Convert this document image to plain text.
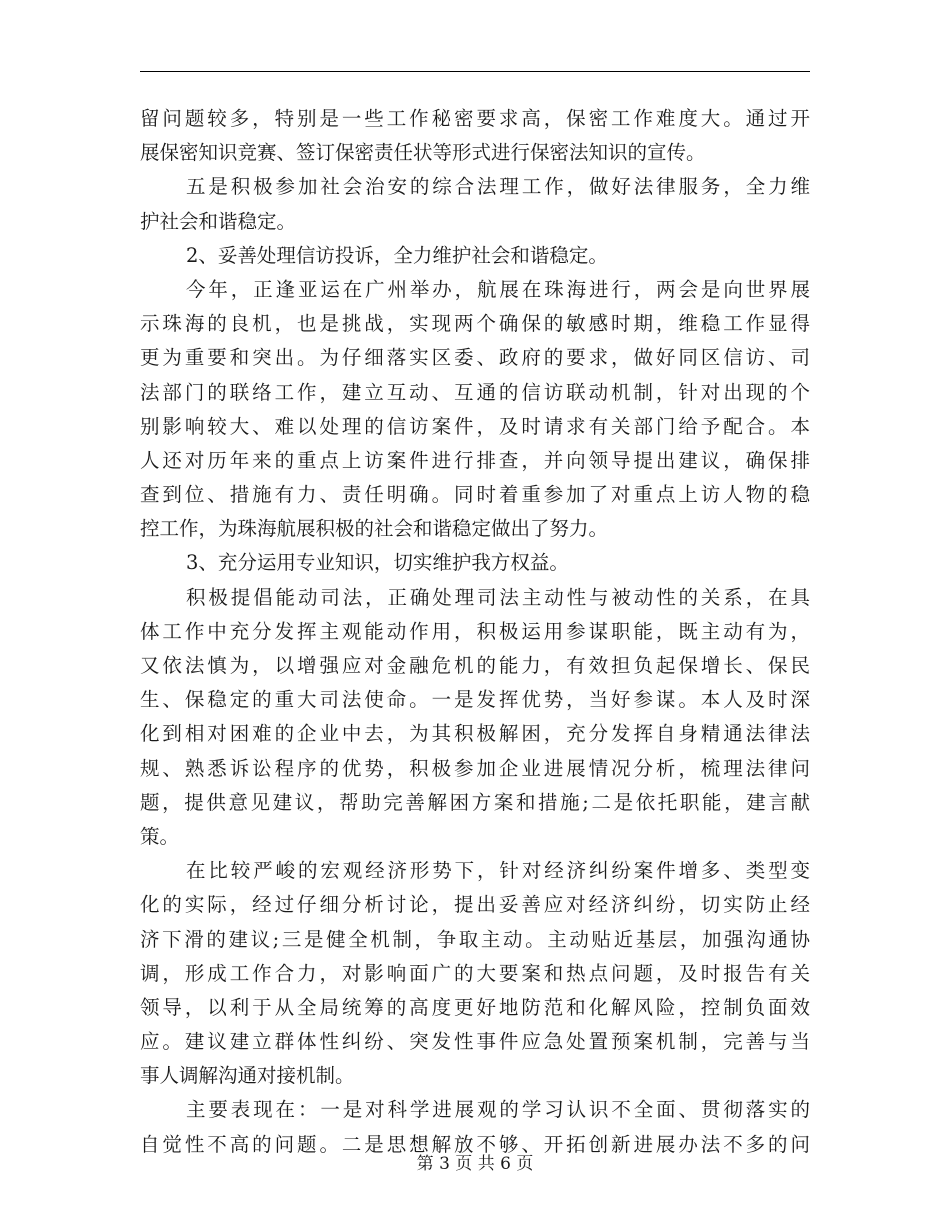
留问题较多，特别是一些工作秘密要求高，保密工作难度大。通过开
展保密知识竞赛、签订保密责任状等形式进行保密法知识的宣传。
五是积极参加社会治安的综合法理工作，做好法律服务，全力维
护社会和谐稳定。
2、妥善处理信访投诉，全力维护社会和谐稳定。
今年，正逢亚运在广州举办，航展在珠海进行，两会是向世界展
示珠海的良机，也是挑战，实现两个确保的敏感时期，维稳工作显得
更为重要和突出。为仔细落实区委、政府的要求，做好同区信访、司
法部门的联络工作，建立互动、互通的信访联动机制，针对出现的个
别影响较大、难以处理的信访案件，及时请求有关部门给予配合。本
人还对历年来的重点上访案件进行排查，并向领导提出建议，确保排
查到位、措施有力、责任明确。同时着重参加了对重点上访人物的稳
控工作，为珠海航展积极的社会和谐稳定做出了努力。
3、充分运用专业知识，切实维护我方权益。
积极提倡能动司法，正确处理司法主动性与被动性的关系，在具
体工作中充分发挥主观能动作用，积极运用参谋职能，既主动有为，
又依法慎为，以增强应对金融危机的能力，有效担负起保增长、保民
生、保稳定的重大司法使命。一是发挥优势，当好参谋。本人及时深
化到相对困难的企业中去，为其积极解困，充分发挥自身精通法律法
规、熟悉诉讼程序的优势，积极参加企业进展情况分析，梳理法律问
题，提供意见建议，帮助完善解困方案和措施;二是依托职能，建言献
策。
在比较严峻的宏观经济形势下，针对经济纠纷案件增多、类型变
化的实际，经过仔细分析讨论，提出妥善应对经济纠纷，切实防止经
济下滑的建议;三是健全机制，争取主动。主动贴近基层，加强沟通协
调，形成工作合力，对影响面广的大要案和热点问题，及时报告有关
领导，以利于从全局统筹的高度更好地防范和化解风险，控制负面效
应。建议建立群体性纠纷、突发性事件应急处置预案机制，完善与当
事人调解沟通对接机制。
主要表现在：一是对科学进展观的学习认识不全面、贯彻落实的
自觉性不高的问题。二是思想解放不够、开拓创新进展办法不多的问
第 3 页 共 6 页
